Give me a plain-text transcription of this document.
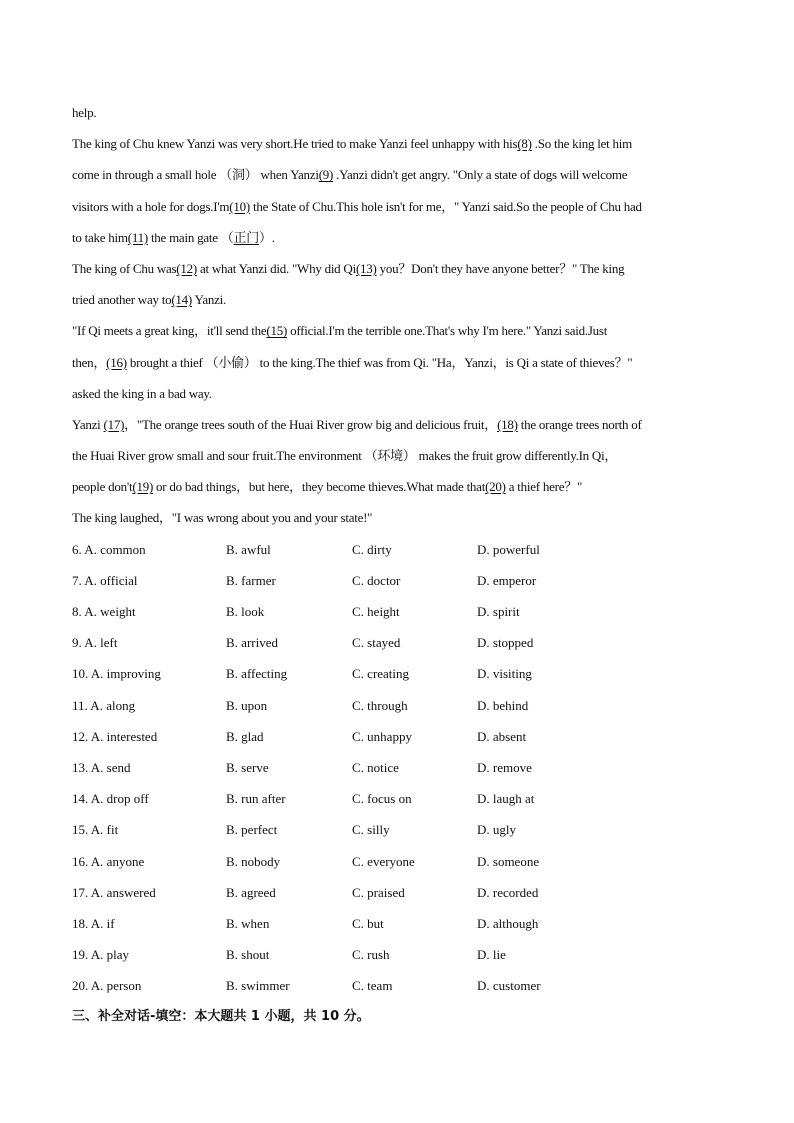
help.
The king of Chu knew Yanzi was very short.He tried to make Yanzi feel unhappy with his(8) .So the king let him
come in through a small hole （洞） when Yanzi(9) .Yanzi didn't get angry. "Only a state of dogs will welcome
visitors with a hole for dogs.I'm(10) the State of Chu.This hole isn't for me，" Yanzi said.So the people of Chu had
to take him(11) the main gate （正门）.
The king of Chu was(12) at what Yanzi did. "Why did Qi(13) you？Don't they have anyone better？" The king
tried another way to(14) Yanzi.
"If Qi meets a great king，it'll send the(15) official.I'm the terrible one.That's why I'm here." Yanzi said.Just
then，(16) brought a thief （小偷） to the king.The thief was from Qi. "Ha，Yanzi，is Qi a state of thieves？"
asked the king in a bad way.
Yanzi (17)，"The orange trees south of the Huai River grow big and delicious fruit，(18) the orange trees north of
the Huai River grow small and sour fruit.The environment （环境） makes the fruit grow differently.In Qi，
people don't(19) or do bad things，but here，they become thieves.What made that(20) a thief here？"
The king laughed，"I was wrong about you and your state!"
6. A. common	B. awful	C. dirty	D. powerful
7. A. official	B. farmer	C. doctor	D. emperor
8. A. weight	B. look	C. height	D. spirit
9. A. left	B. arrived	C. stayed	D. stopped
10. A. improving	B. affecting	C. creating	D. visiting
11. A. along	B. upon	C. through	D. behind
12. A. interested	B. glad	C. unhappy	D. absent
13. A. send	B. serve	C. notice	D. remove
14. A. drop off	B. run after	C. focus on	D. laugh at
15. A. fit	B. perfect	C. silly	D. ugly
16. A. anyone	B. nobody	C. everyone	D. someone
17. A. answered	B. agreed	C. praised	D. recorded
18. A. if	B. when	C. but	D. although
19. A. play	B. shout	C. rush	D. lie
20. A. person	B. swimmer	C. team	D. customer
三、补全对话-填空：本大题共 1 小题，共 10 分。
